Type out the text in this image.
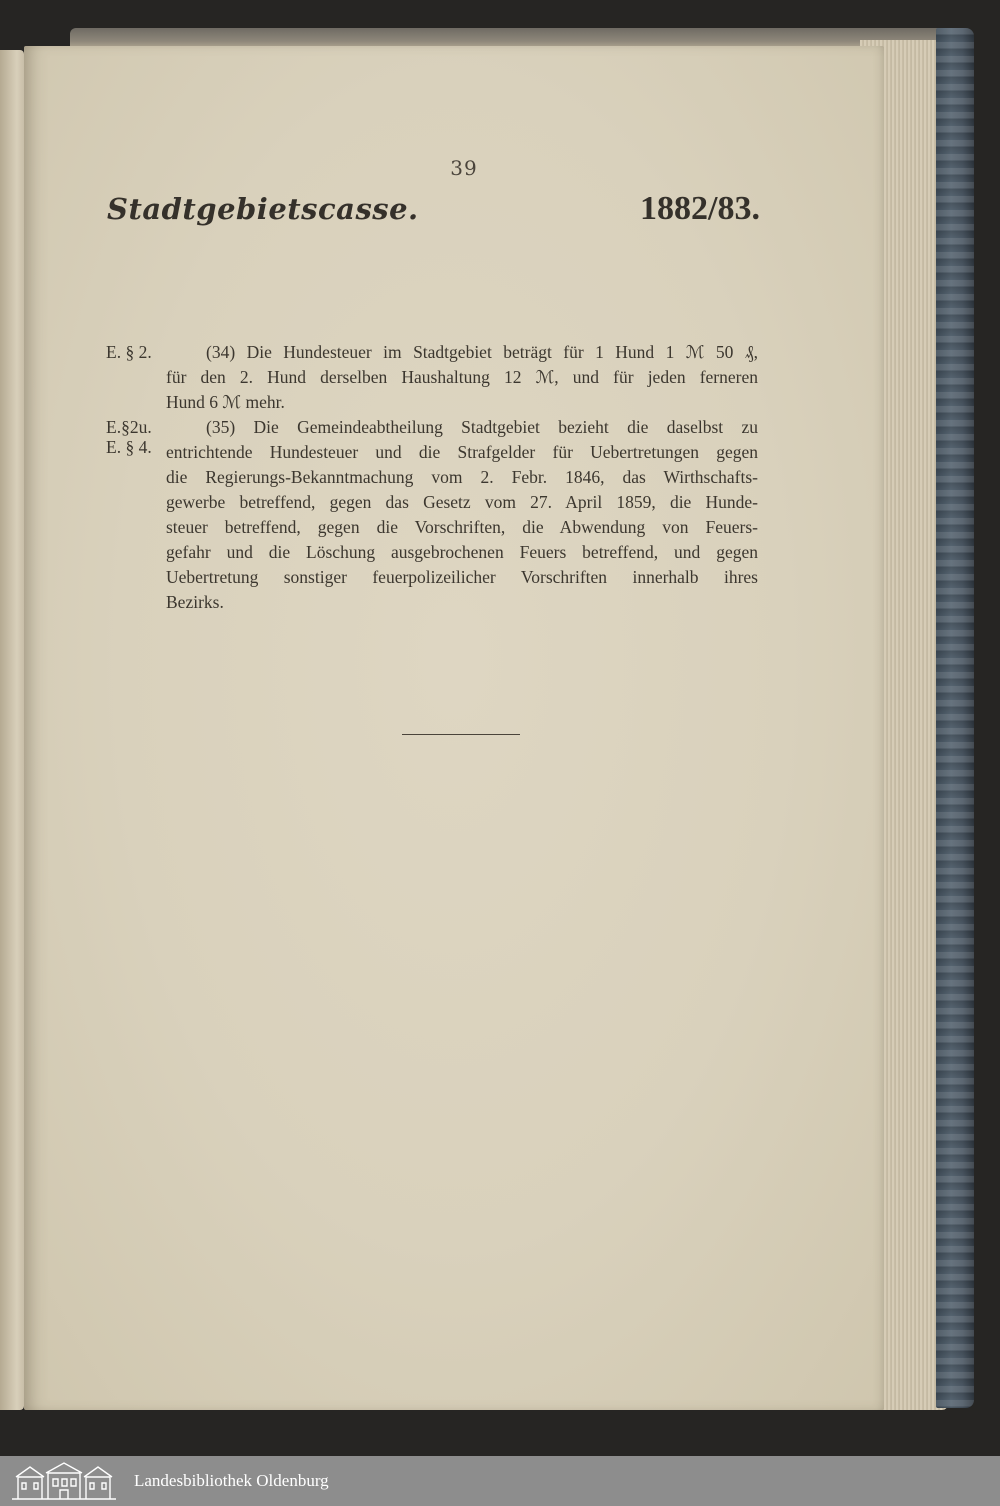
39
Stadtgebietscasse.	1882/83.
E. § 2.
E.§2u.
E. § 4.
(34) Die Hundesteuer im Stadtgebiet beträgt für 1 Hund 1 ℳ 50 ₰,
für den 2. Hund derselben Haushaltung 12 ℳ, und für jeden ferneren
Hund 6 ℳ mehr.
(35) Die Gemeindeabtheilung Stadtgebiet bezieht die daselbst zu
entrichtende Hundesteuer und die Strafgelder für Uebertretungen gegen
die Regierungs-Bekanntmachung vom 2. Febr. 1846, das Wirthschafts-
gewerbe betreffend, gegen das Gesetz vom 27. April 1859, die Hunde-
steuer betreffend, gegen die Vorschriften, die Abwendung von Feuers-
gefahr und die Löschung ausgebrochenen Feuers betreffend, und gegen
Uebertretung sonstiger feuerpolizeilicher Vorschriften innerhalb ihres
Bezirks.
Landesbibliothek Oldenburg
